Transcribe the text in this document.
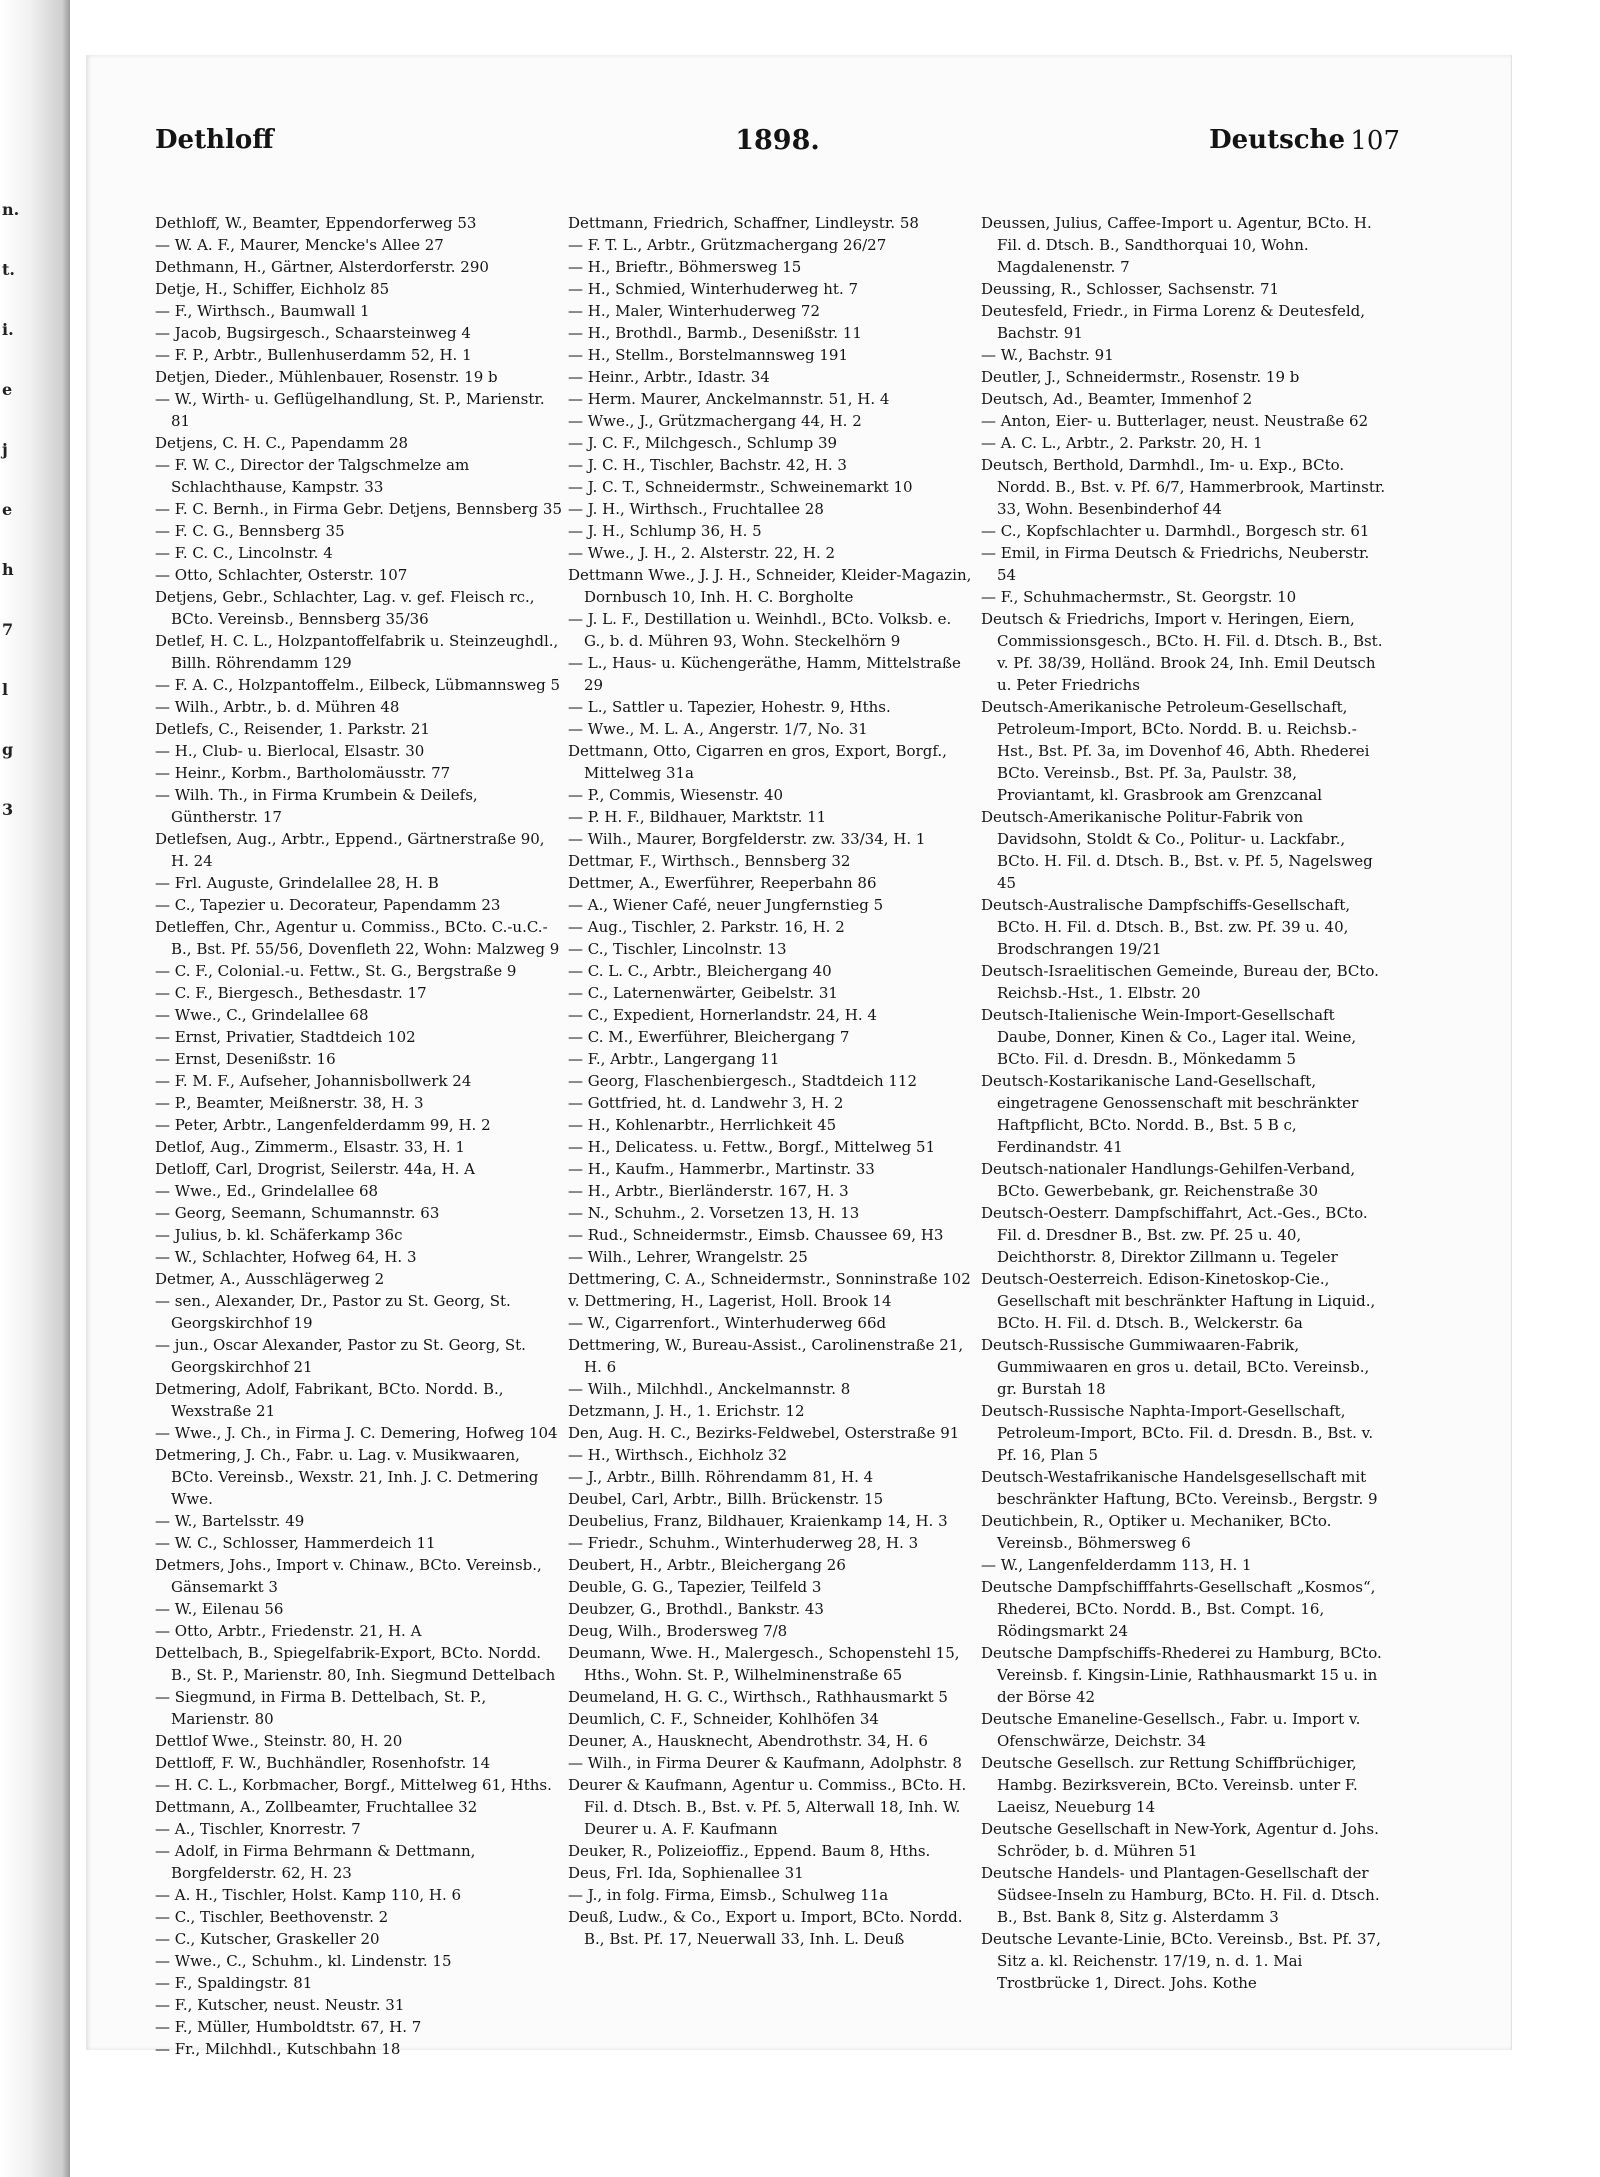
n.
t.
i.
e
j
e
h
7
l
g
3
Dethloff	1898.	Deutsche 107

Dethloff, W., Beamter, Eppendorferweg 53

— W. A. F., Maurer, Mencke's Allee 27

Dethmann, H., Gärtner, Alsterdorferstr. 290

Detje, H., Schiffer, Eichholz 85

— F., Wirthsch., Baumwall 1

— Jacob, Bugsirgesch., Schaarsteinweg 4

— F. P., Arbtr., Bullenhuserdamm 52, H. 1

Detjen, Dieder., Mühlenbauer, Rosenstr. 19 b

— W., Wirth- u. Geflügelhandlung, St. P., Marienstr. 81

Detjens, C. H. C., Papendamm 28

— F. W. C., Director der Talgschmelze am Schlachthause, Kampstr. 33

— F. C. Bernh., in Firma Gebr. Detjens, Bennsberg 35

— F. C. G., Bennsberg 35

— F. C. C., Lincolnstr. 4

— Otto, Schlachter, Osterstr. 107

Detjens, Gebr., Schlachter, Lag. v. gef. Fleisch rc., BCto. Vereinsb., Bennsberg 35/36

Detlef, H. C. L., Holzpantoffelfabrik u. Steinzeughdl., Billh. Röhrendamm 129

— F. A. C., Holzpantoffelm., Eilbeck, Lübmannsweg 5

— Wilh., Arbtr., b. d. Mühren 48

Detlefs, C., Reisender, 1. Parkstr. 21

— H., Club- u. Bierlocal, Elsastr. 30

— Heinr., Korbm., Bartholomäusstr. 77

— Wilh. Th., in Firma Krumbein & Deilefs, Güntherstr. 17

Detlefsen, Aug., Arbtr., Eppend., Gärtnerstraße 90, H. 24

— Frl. Auguste, Grindelallee 28, H. B

— C., Tapezier u. Decorateur, Papendamm 23

Detleffen, Chr., Agentur u. Commiss., BCto. C.-u.C.-B., Bst. Pf. 55/56, Dovenfleth 22, Wohn: Malzweg 9

— C. F., Colonial.-u. Fettw., St. G., Bergstraße 9

— C. F., Biergesch., Bethesdastr. 17

— Wwe., C., Grindelallee 68

— Ernst, Privatier, Stadtdeich 102

— Ernst, Desenißstr. 16

— F. M. F., Aufseher, Johannisbollwerk 24

— P., Beamter, Meißnerstr. 38, H. 3

— Peter, Arbtr., Langenfelderdamm 99, H. 2

Detlof, Aug., Zimmerm., Elsastr. 33, H. 1

Detloff, Carl, Drogrist, Seilerstr. 44a, H. A

— Wwe., Ed., Grindelallee 68

— Georg, Seemann, Schumannstr. 63

— Julius, b. kl. Schäferkamp 36c

— W., Schlachter, Hofweg 64, H. 3

Detmer, A., Ausschlägerweg 2

— sen., Alexander, Dr., Pastor zu St. Georg, St. Georgskirchhof 19

— jun., Oscar Alexander, Pastor zu St. Georg, St. Georgskirchhof 21

Detmering, Adolf, Fabrikant, BCto. Nordd. B., Wexstraße 21

— Wwe., J. Ch., in Firma J. C. Demering, Hofweg 104

Detmering, J. Ch., Fabr. u. Lag. v. Musikwaaren, BCto. Vereinsb., Wexstr. 21, Inh. J. C. Detmering Wwe.

— W., Bartelsstr. 49

— W. C., Schlosser, Hammerdeich 11

Detmers, Johs., Import v. Chinaw., BCto. Vereinsb., Gänsemarkt 3

— W., Eilenau 56

— Otto, Arbtr., Friedenstr. 21, H. A

Dettelbach, B., Spiegelfabrik-Export, BCto. Nordd. B., St. P., Marienstr. 80, Inh. Siegmund Dettelbach

— Siegmund, in Firma B. Dettelbach, St. P., Marienstr. 80

Dettlof Wwe., Steinstr. 80, H. 20

Dettloff, F. W., Buchhändler, Rosenhofstr. 14

— H. C. L., Korbmacher, Borgf., Mittelweg 61, Hths.

Dettmann, A., Zollbeamter, Fruchtallee 32

— A., Tischler, Knorrestr. 7

— Adolf, in Firma Behrmann & Dettmann, Borgfelderstr. 62, H. 23

— A. H., Tischler, Holst. Kamp 110, H. 6

— C., Tischler, Beethovenstr. 2

— C., Kutscher, Graskeller 20

— Wwe., C., Schuhm., kl. Lindenstr. 15

— F., Spaldingstr. 81

— F., Kutscher, neust. Neustr. 31

— F., Müller, Humboldtstr. 67, H. 7

— Fr., Milchhdl., Kutschbahn 18

Dettmann, Friedrich, Schaffner, Lindleystr. 58

— F. T. L., Arbtr., Grützmachergang 26/27

— H., Brieftr., Böhmersweg 15

— H., Schmied, Winterhuderweg ht. 7

— H., Maler, Winterhuderweg 72

— H., Brothdl., Barmb., Desenißstr. 11

— H., Stellm., Borstelmannsweg 191

— Heinr., Arbtr., Idastr. 34

— Herm. Maurer, Anckelmannstr. 51, H. 4

— Wwe., J., Grützmachergang 44, H. 2

— J. C. F., Milchgesch., Schlump 39

— J. C. H., Tischler, Bachstr. 42, H. 3

— J. C. T., Schneidermstr., Schweinemarkt 10

— J. H., Wirthsch., Fruchtallee 28

— J. H., Schlump 36, H. 5

— Wwe., J. H., 2. Alsterstr. 22, H. 2

Dettmann Wwe., J. J. H., Schneider, Kleider-Magazin, Dornbusch 10, Inh. H. C. Borgholte

— J. L. F., Destillation u. Weinhdl., BCto. Volksb. e. G., b. d. Mühren 93, Wohn. Steckelhörn 9

— L., Haus- u. Küchengeräthe, Hamm, Mittelstraße 29

— L., Sattler u. Tapezier, Hohestr. 9, Hths.

— Wwe., M. L. A., Angerstr. 1/7, No. 31

Dettmann, Otto, Cigarren en gros, Export, Borgf., Mittelweg 31a

— P., Commis, Wiesenstr. 40

— P. H. F., Bildhauer, Marktstr. 11

— Wilh., Maurer, Borgfelderstr. zw. 33/34, H. 1

Dettmar, F., Wirthsch., Bennsberg 32

Dettmer, A., Ewerführer, Reeperbahn 86

— A., Wiener Café, neuer Jungfernstieg 5

— Aug., Tischler, 2. Parkstr. 16, H. 2

— C., Tischler, Lincolnstr. 13

— C. L. C., Arbtr., Bleichergang 40

— C., Laternenwärter, Geibelstr. 31

— C., Expedient, Hornerlandstr. 24, H. 4

— C. M., Ewerführer, Bleichergang 7

— F., Arbtr., Langergang 11

— Georg, Flaschenbiergesch., Stadtdeich 112

— Gottfried, ht. d. Landwehr 3, H. 2

— H., Kohlenarbtr., Herrlichkeit 45

— H., Delicatess. u. Fettw., Borgf., Mittelweg 51

— H., Kaufm., Hammerbr., Martinstr. 33

— H., Arbtr., Bierländerstr. 167, H. 3

— N., Schuhm., 2. Vorsetzen 13, H. 13

— Rud., Schneidermstr., Eimsb. Chaussee 69, H3

— Wilh., Lehrer, Wrangelstr. 25

Dettmering, C. A., Schneidermstr., Sonninstraße 102

v. Dettmering, H., Lagerist, Holl. Brook 14

— W., Cigarrenfort., Winterhuderweg 66d

Dettmering, W., Bureau-Assist., Carolinenstraße 21, H. 6

— Wilh., Milchhdl., Anckelmannstr. 8

Detzmann, J. H., 1. Erichstr. 12

Den, Aug. H. C., Bezirks-Feldwebel, Osterstraße 91

— H., Wirthsch., Eichholz 32

— J., Arbtr., Billh. Röhrendamm 81, H. 4

Deubel, Carl, Arbtr., Billh. Brückenstr. 15

Deubelius, Franz, Bildhauer, Kraienkamp 14, H. 3

— Friedr., Schuhm., Winterhuderweg 28, H. 3

Deubert, H., Arbtr., Bleichergang 26

Deuble, G. G., Tapezier, Teilfeld 3

Deubzer, G., Brothdl., Bankstr. 43

Deug, Wilh., Brodersweg 7/8

Deumann, Wwe. H., Malergesch., Schopenstehl 15, Hths., Wohn. St. P., Wilhelminenstraße 65

Deumeland, H. G. C., Wirthsch., Rathhausmarkt 5

Deumlich, C. F., Schneider, Kohlhöfen 34

Deuner, A., Hausknecht, Abendrothstr. 34, H. 6

— Wilh., in Firma Deurer & Kaufmann, Adolphstr. 8

Deurer & Kaufmann, Agentur u. Commiss., BCto. H. Fil. d. Dtsch. B., Bst. v. Pf. 5, Alterwall 18, Inh. W. Deurer u. A. F. Kaufmann

Deuker, R., Polizeioffiz., Eppend. Baum 8, Hths.

Deus, Frl. Ida, Sophienallee 31

— J., in folg. Firma, Eimsb., Schulweg 11a

Deuß, Ludw., & Co., Export u. Import, BCto. Nordd. B., Bst. Pf. 17, Neuerwall 33, Inh. L. Deuß

Deussen, Julius, Caffee-Import u. Agentur, BCto. H. Fil. d. Dtsch. B., Sandthorquai 10, Wohn. Magdalenenstr. 7

Deussing, R., Schlosser, Sachsenstr. 71

Deutesfeld, Friedr., in Firma Lorenz & Deutesfeld, Bachstr. 91

— W., Bachstr. 91

Deutler, J., Schneidermstr., Rosenstr. 19 b

Deutsch, Ad., Beamter, Immenhof 2

— Anton, Eier- u. Butterlager, neust. Neustraße 62

— A. C. L., Arbtr., 2. Parkstr. 20, H. 1

Deutsch, Berthold, Darmhdl., Im- u. Exp., BCto. Nordd. B., Bst. v. Pf. 6/7, Hammerbrook, Martinstr. 33, Wohn. Besenbinderhof 44

— C., Kopfschlachter u. Darmhdl., Borgesch str. 61

— Emil, in Firma Deutsch & Friedrichs, Neuberstr. 54

— F., Schuhmachermstr., St. Georgstr. 10

Deutsch & Friedrichs, Import v. Heringen, Eiern, Commissionsgesch., BCto. H. Fil. d. Dtsch. B., Bst. v. Pf. 38/39, Holländ. Brook 24, Inh. Emil Deutsch u. Peter Friedrichs

Deutsch-Amerikanische Petroleum-Gesellschaft, Petroleum-Import, BCto. Nordd. B. u. Reichsb.-Hst., Bst. Pf. 3a, im Dovenhof 46, Abth. Rhederei BCto. Vereinsb., Bst. Pf. 3a, Paulstr. 38, Proviantamt, kl. Grasbrook am Grenzcanal

Deutsch-Amerikanische Politur-Fabrik von Davidsohn, Stoldt & Co., Politur- u. Lackfabr., BCto. H. Fil. d. Dtsch. B., Bst. v. Pf. 5, Nagelsweg 45

Deutsch-Australische Dampfschiffs-Gesellschaft, BCto. H. Fil. d. Dtsch. B., Bst. zw. Pf. 39 u. 40, Brodschrangen 19/21

Deutsch-Israelitischen Gemeinde, Bureau der, BCto. Reichsb.-Hst., 1. Elbstr. 20

Deutsch-Italienische Wein-Import-Gesellschaft Daube, Donner, Kinen & Co., Lager ital. Weine, BCto. Fil. d. Dresdn. B., Mönkedamm 5

Deutsch-Kostarikanische Land-Gesellschaft, eingetragene Genossenschaft mit beschränkter Haftpflicht, BCto. Nordd. B., Bst. 5 B c, Ferdinandstr. 41

Deutsch-nationaler Handlungs-Gehilfen-Verband, BCto. Gewerbebank, gr. Reichenstraße 30

Deutsch-Oesterr. Dampfschiffahrt, Act.-Ges., BCto. Fil. d. Dresdner B., Bst. zw. Pf. 25 u. 40, Deichthorstr. 8, Direktor Zillmann u. Tegeler

Deutsch-Oesterreich. Edison-Kinetoskop-Cie., Gesellschaft mit beschränkter Haftung in Liquid., BCto. H. Fil. d. Dtsch. B., Welckerstr. 6a

Deutsch-Russische Gummiwaaren-Fabrik, Gummiwaaren en gros u. detail, BCto. Vereinsb., gr. Burstah 18

Deutsch-Russische Naphta-Import-Gesellschaft, Petroleum-Import, BCto. Fil. d. Dresdn. B., Bst. v. Pf. 16, Plan 5

Deutsch-Westafrikanische Handelsgesellschaft mit beschränkter Haftung, BCto. Vereinsb., Bergstr. 9

Deutichbein, R., Optiker u. Mechaniker, BCto. Vereinsb., Böhmersweg 6

— W., Langenfelderdamm 113, H. 1

Deutsche Dampfschifffahrts-Gesellschaft „Kosmos“, Rhederei, BCto. Nordd. B., Bst. Compt. 16, Rödingsmarkt 24

Deutsche Dampfschiffs-Rhederei zu Hamburg, BCto. Vereinsb. f. Kingsin-Linie, Rathhausmarkt 15 u. in der Börse 42

Deutsche Emaneline-Gesellsch., Fabr. u. Import v. Ofenschwärze, Deichstr. 34

Deutsche Gesellsch. zur Rettung Schiffbrüchiger, Hambg. Bezirksverein, BCto. Vereinsb. unter F. Laeisz, Neueburg 14

Deutsche Gesellschaft in New-York, Agentur d. Johs. Schröder, b. d. Mühren 51

Deutsche Handels- und Plantagen-Gesellschaft der Südsee-Inseln zu Hamburg, BCto. H. Fil. d. Dtsch. B., Bst. Bank 8, Sitz g. Alsterdamm 3

Deutsche Levante-Linie, BCto. Vereinsb., Bst. Pf. 37, Sitz a. kl. Reichenstr. 17/19, n. d. 1. Mai Trostbrücke 1, Direct. Johs. Kothe
